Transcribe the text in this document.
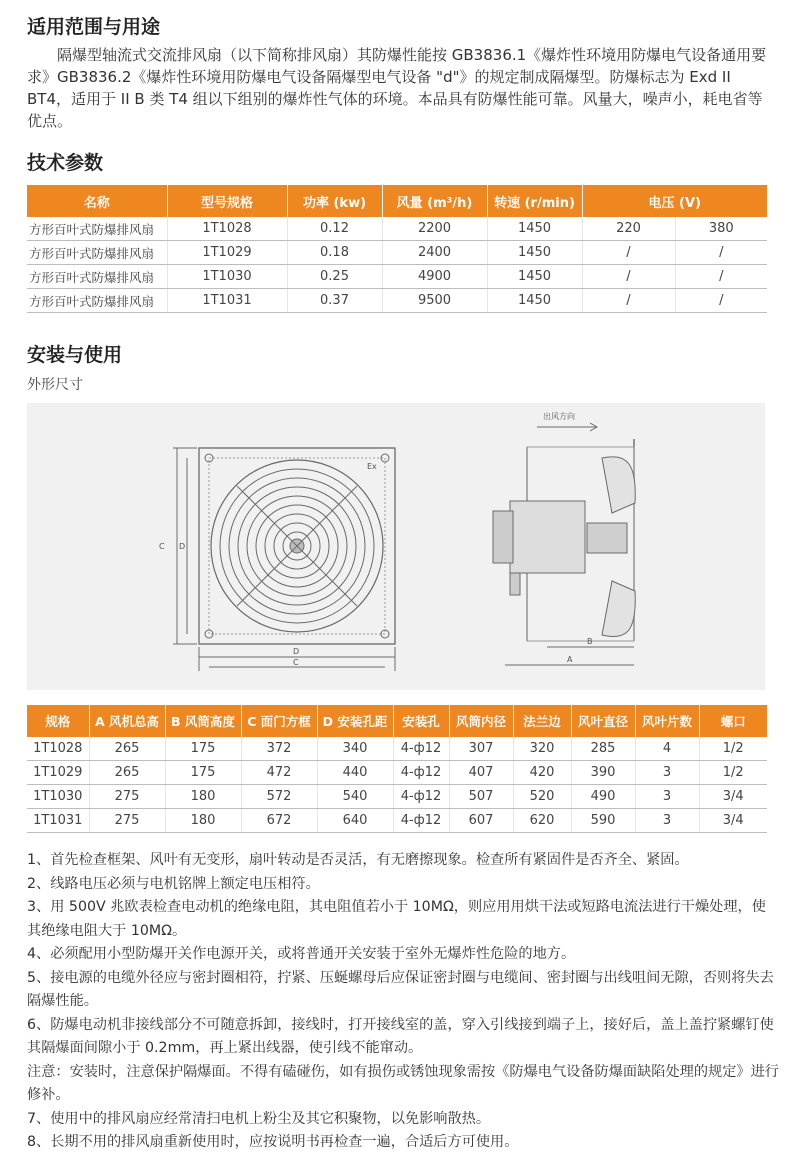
适用范围与用途

隔爆型轴流式交流排风扇（以下简称排风扇）其防爆性能按 GB3836.1《爆炸性环境用防爆电气设备通用要求》GB3836.2《爆炸性环境用防爆电气设备隔爆型电气设备 "d"》的规定制成隔爆型。防爆标志为 Exd II BT4，适用于 II B 类 T4 组以下组别的爆炸性气体的环境。本品具有防爆性能可靠。风量大，噪声小，耗电省等优点。

技术参数
名称	型号规格	功率 (kw)	风量 (m³/h)	转速 (r/min)	电压 (V)	
方形百叶式防爆排风扇	1T1028	0.12	2200	1450	220	380
方形百叶式防爆排风扇	1T1029	0.18	2400	1450	/	/
方形百叶式防爆排风扇	1T1030	0.25	4900	1450	/	/
方形百叶式防爆排风扇	1T1031	0.37	9500	1450	/	/
安装与使用

外形尺寸

C D
D
C
Ex
出风方向
B
A
规格	A 风机总高	B 风筒高度	C 面门方框	D 安装孔距	安装孔	风筒内径	法兰边	风叶直径	风叶片数	螺口
1T1028	265	175	372	340	4-ф12	307	320	285	4	1/2
1T1029	265	175	472	440	4-ф12	407	420	390	3	1/2
1T1030	275	180	572	540	4-ф12	507	520	490	3	3/4
1T1031	275	180	672	640	4-ф12	607	620	590	3	3/4

1、首先检查框架、风叶有无变形，扇叶转动是否灵活，有无磨擦现象。检查所有紧固件是否齐全、紧固。

2、线路电压必须与电机铭牌上额定电压相符。

3、用 500V 兆欧表检查电动机的绝缘电阻，其电阻值若小于 10MΩ，则应用用烘干法或短路电流法进行干燥处理，使其绝缘电阻大于 10MΩ。

4、必须配用小型防爆开关作电源开关，或将普通开关安装于室外无爆炸性危险的地方。

5、接电源的电缆外径应与密封圈相符，拧紧、压蜒螺母后应保证密封圈与电缆间、密封圈与出线咀间无隙，否则将失去隔爆性能。

6、防爆电动机非接线部分不可随意拆卸，接线时，打开接线室的盖，穿入引线接到端子上，接好后，盖上盖拧紧螺钉使其隔爆面间隙小于 0.2mm，再上紧出线器，使引线不能窜动。

注意：安装时，注意保护隔爆面。不得有磕碰伤，如有损伤或锈蚀现象需按《防爆电气设备防爆面缺陷处理的规定》进行修补。

7、使用中的排风扇应经常清扫电机上粉尘及其它积聚物，以免影响散热。

8、长期不用的排风扇重新使用时，应按说明书再检查一遍，合适后方可使用。
